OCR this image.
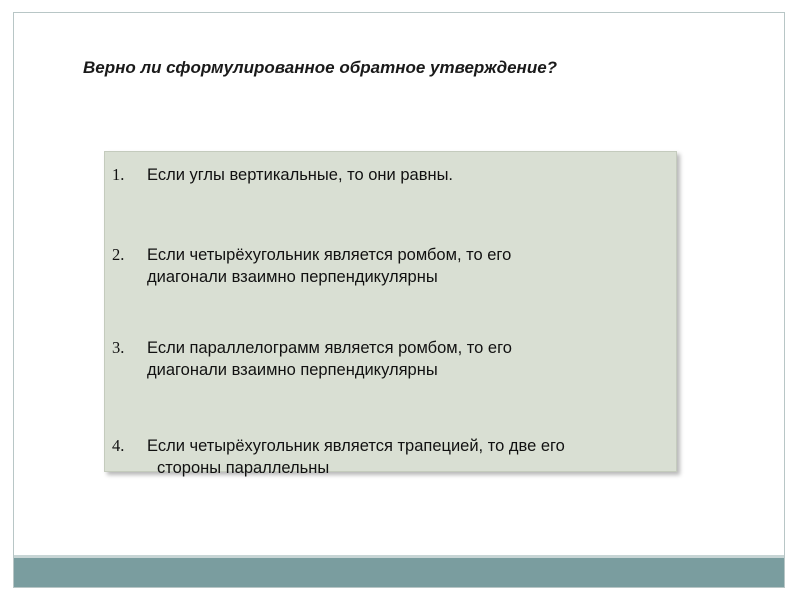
Верно ли сформулированное обратное утверждение?
1. Если углы вертикальные, то они равны.
2. Если четырёхугольник является ромбом, то его
диагонали взаимно перпендикулярны
3. Если параллелограмм является ромбом, то его
диагонали взаимно перпендикулярны
4. Если четырёхугольник является трапецией, то две его
стороны параллельны
